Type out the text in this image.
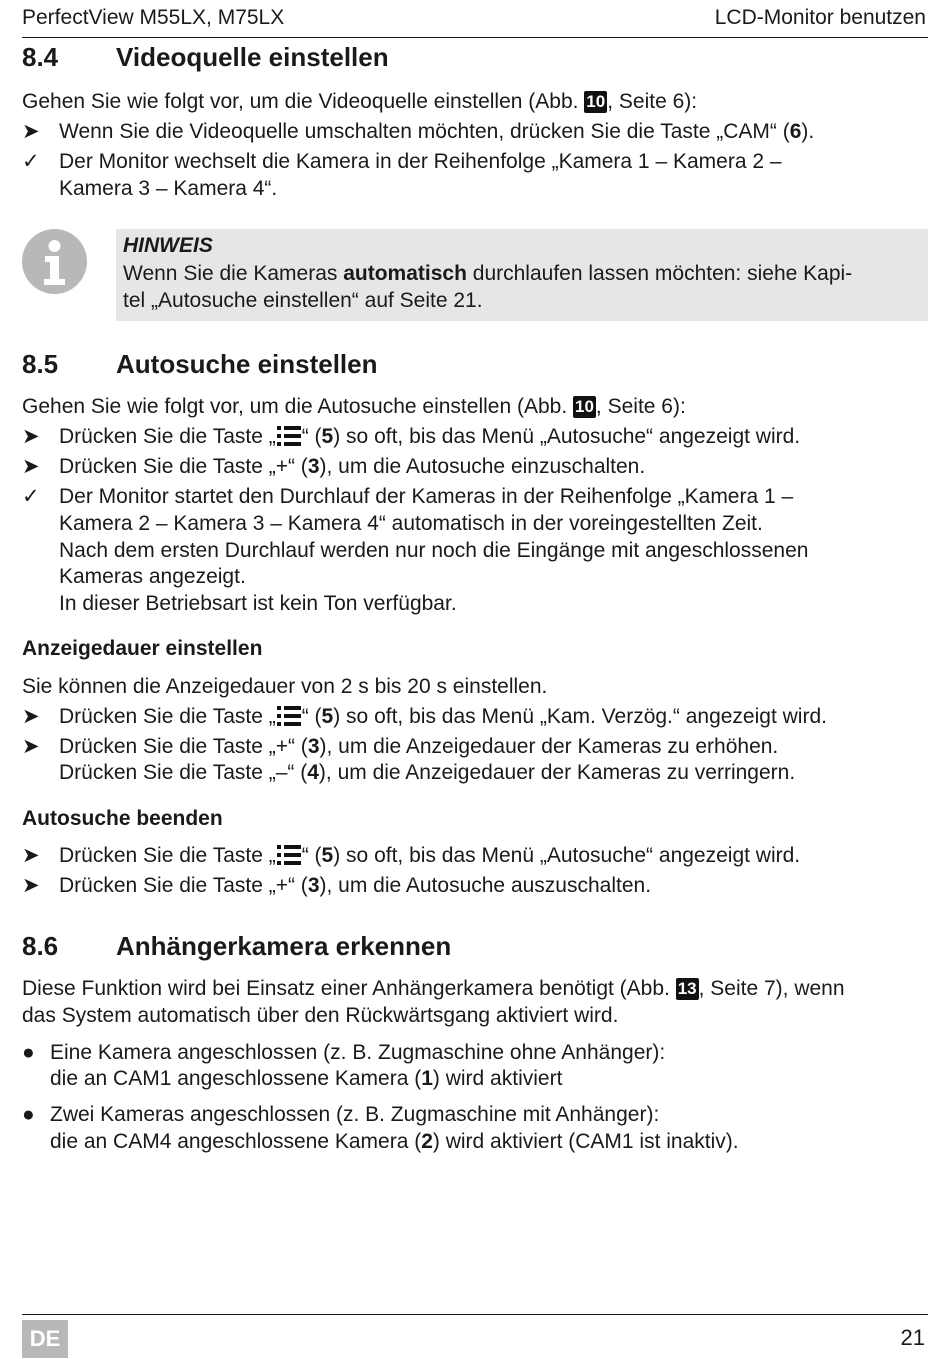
PerfectView M55LX, M75LX	LCD-Monitor benutzen
8.4 Videoquelle einstellen
Gehen Sie wie folgt vor, um die Videoquelle einstellen (Abb. 10, Seite 6):
➤ Wenn Sie die Videoquelle umschalten möchten, drücken Sie die Taste „CAM“ (6).
✓ Der Monitor wechselt die Kamera in der Reihenfolge „Kamera 1 – Kamera 2 –
Kamera 3 – Kamera 4“.
HINWEIS
Wenn Sie die Kameras automatisch durchlaufen lassen möchten: siehe Kapi-
tel „Autosuche einstellen“ auf Seite 21.
8.5 Autosuche einstellen
Gehen Sie wie folgt vor, um die Autosuche einstellen (Abb. 10, Seite 6):
➤ Drücken Sie die Taste „ “ (5) so oft, bis das Menü „Autosuche“ angezeigt wird.
➤ Drücken Sie die Taste „+“ (3), um die Autosuche einzuschalten.
✓ Der Monitor startet den Durchlauf der Kameras in der Reihenfolge „Kamera 1 –
Kamera 2 – Kamera 3 – Kamera 4“ automatisch in der voreingestellten Zeit.
Nach dem ersten Durchlauf werden nur noch die Eingänge mit angeschlossenen
Kameras angezeigt.
In dieser Betriebsart ist kein Ton verfügbar.
Anzeigedauer einstellen
Sie können die Anzeigedauer von 2 s bis 20 s einstellen.
➤ Drücken Sie die Taste „ “ (5) so oft, bis das Menü „Kam. Verzög.“ angezeigt wird.
➤ Drücken Sie die Taste „+“ (3), um die Anzeigedauer der Kameras zu erhöhen.
Drücken Sie die Taste „–“ (4), um die Anzeigedauer der Kameras zu verringern.
Autosuche beenden
➤ Drücken Sie die Taste „ “ (5) so oft, bis das Menü „Autosuche“ angezeigt wird.
➤ Drücken Sie die Taste „+“ (3), um die Autosuche auszuschalten.
8.6 Anhängerkamera erkennen
Diese Funktion wird bei Einsatz einer Anhängerkamera benötigt (Abb. 13, Seite 7), wenn
das System automatisch über den Rückwärtsgang aktiviert wird.
● Eine Kamera angeschlossen (z. B. Zugmaschine ohne Anhänger):
die an CAM1 angeschlossene Kamera (1) wird aktiviert
● Zwei Kameras angeschlossen (z. B. Zugmaschine mit Anhänger):
die an CAM4 angeschlossene Kamera (2) wird aktiviert (CAM1 ist inaktiv).
DE	21
